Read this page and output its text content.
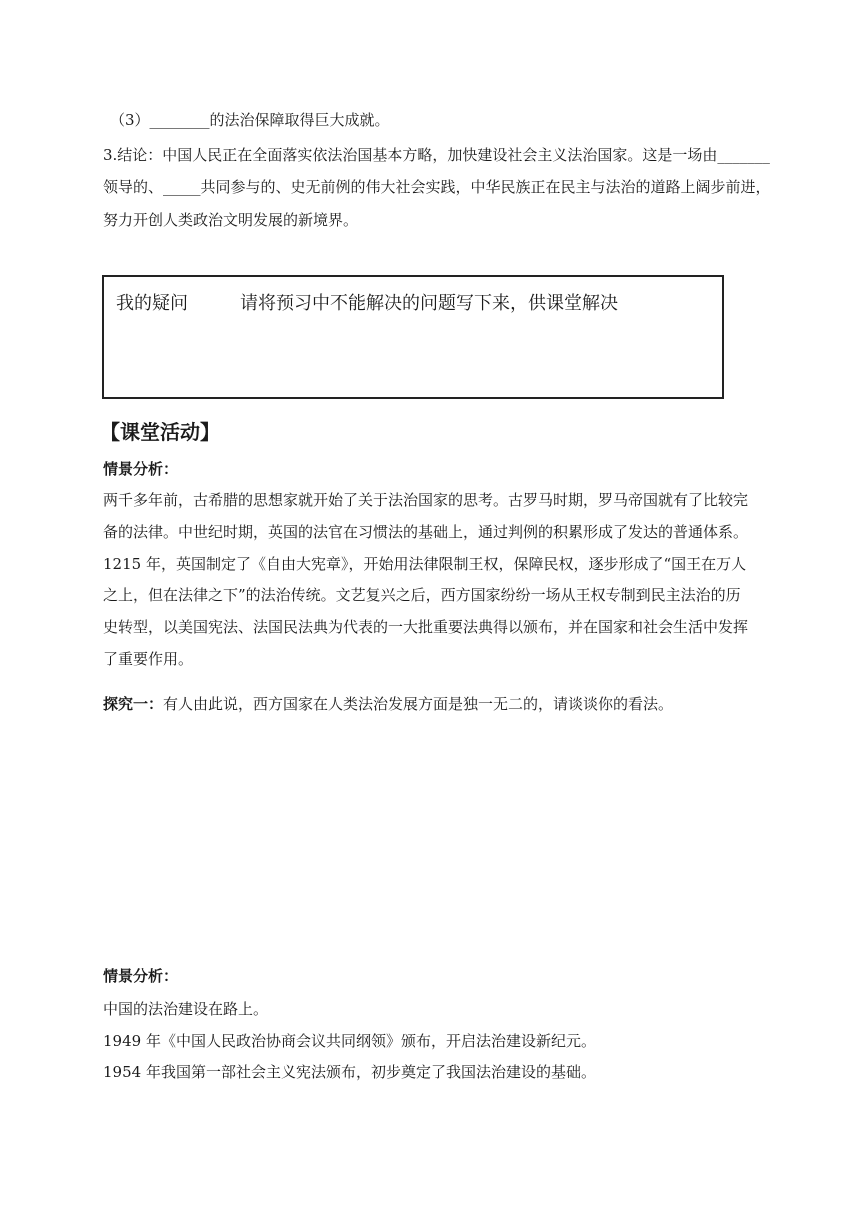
（3）________的法治保障取得巨大成就。
3.结论：中国人民正在全面落实依法治国基本方略，加快建设社会主义法治国家。这是一场由_______
领导的、_____共同参与的、史无前例的伟大社会实践，中华民族正在民主与法治的道路上阔步前进，
努力开创人类政治文明发展的新境界。
我的疑问	请将预习中不能解决的问题写下来，供课堂解决
【课堂活动】
情景分析：
两千多年前，古希腊的思想家就开始了关于法治国家的思考。古罗马时期，罗马帝国就有了比较完
备的法律。中世纪时期，英国的法官在习惯法的基础上，通过判例的积累形成了发达的普通体系。
1215 年，英国制定了《自由大宪章》，开始用法律限制王权，保障民权，逐步形成了“国王在万人
之上，但在法律之下”的法治传统。文艺复兴之后，西方国家纷纷一场从王权专制到民主法治的历
史转型，以美国宪法、法国民法典为代表的一大批重要法典得以颁布，并在国家和社会生活中发挥
了重要作用。
探究一：有人由此说，西方国家在人类法治发展方面是独一无二的，请谈谈你的看法。
情景分析：
中国的法治建设在路上。
1949 年《中国人民政治协商会议共同纲领》颁布，开启法治建设新纪元。
1954 年我国第一部社会主义宪法颁布，初步奠定了我国法治建设的基础。
